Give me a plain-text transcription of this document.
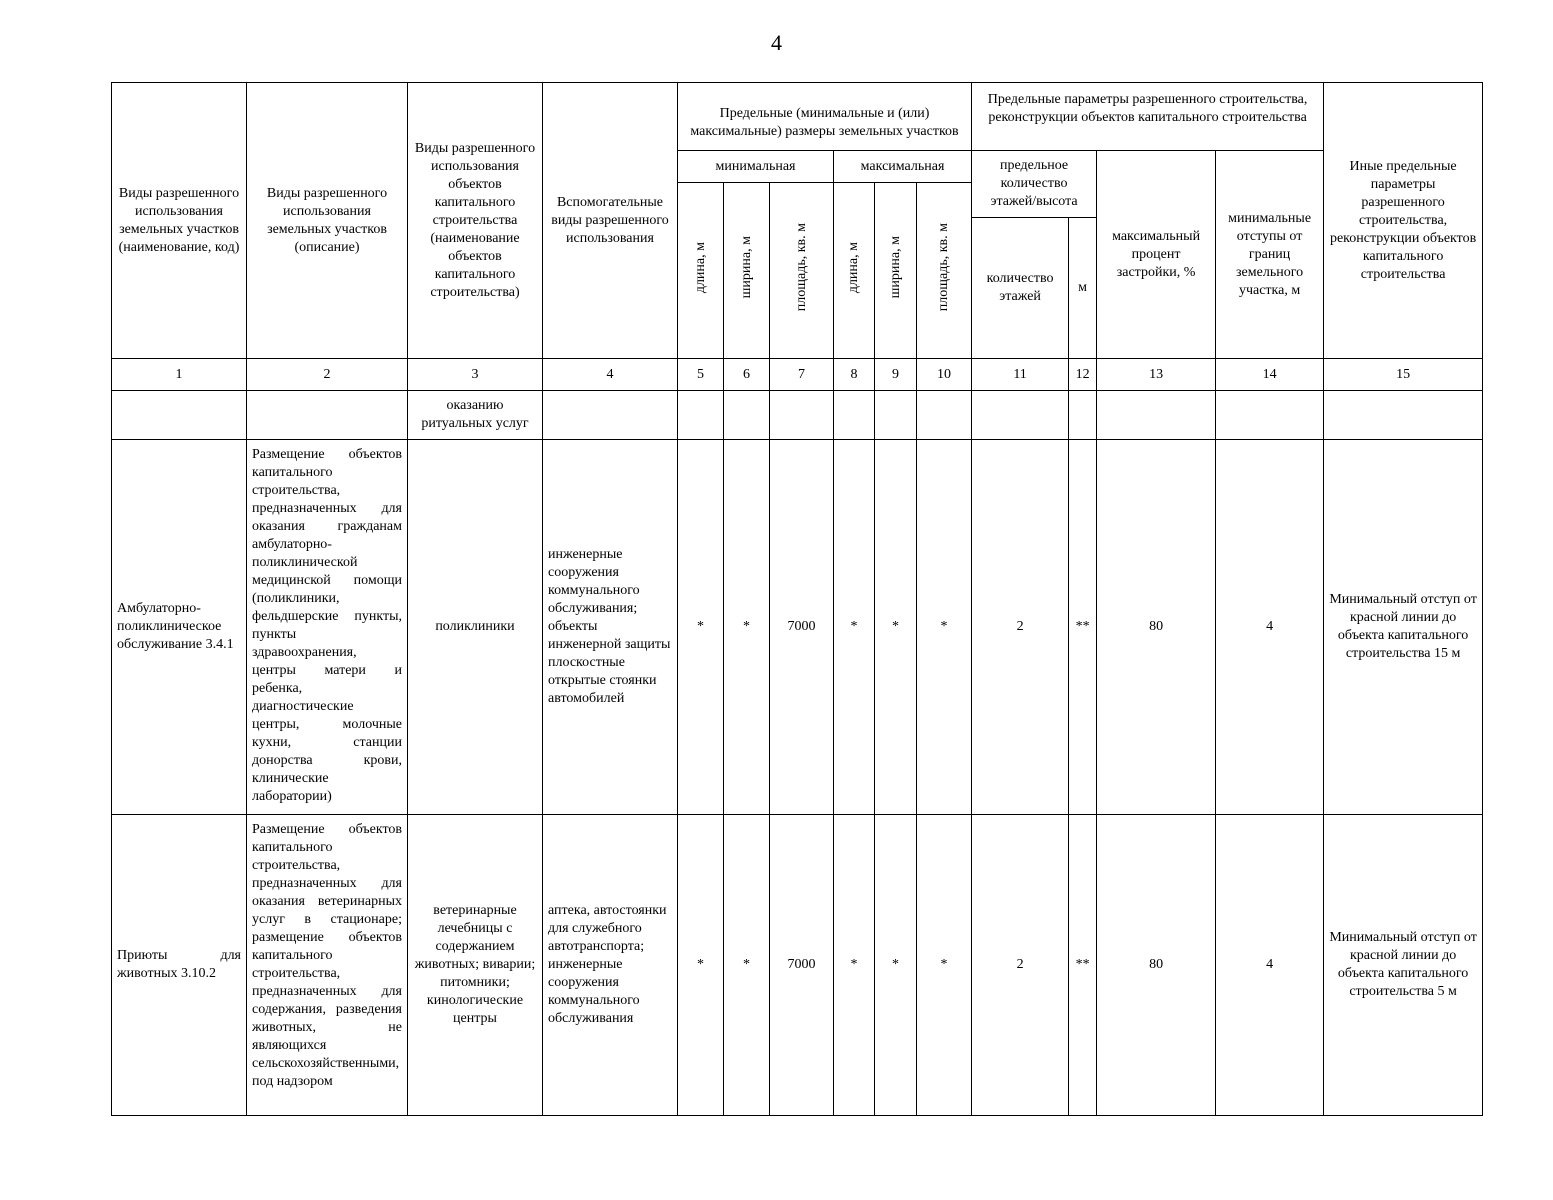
4
Виды разрешенного использования земельных участков (наименование, код)	Виды разрешенного использования земельных участков (описание)	Виды разрешенного использования объектов капитального строительства (наименование объектов капитального строительства)	Вспомогательные виды разрешенного использования	Предельные (минимальные и (или) максимальные) размеры земельных участков						Предельные параметры разрешенного строительства, реконструкции объектов капитального строительства				Иные предельные параметры разрешенного строительства, реконструкции объектов капитального строительства
				минимальная			максимальная			предельное количество этажей/высота		максимальный процент застройки, %	минимальные отступы от границ земельного участка, м	
				длина, м	ширина, м	площадь, кв. м	длина, м	ширина, м	площадь, кв. м					
										количество этажей	м			
1	2	3	4	5	6	7	8	9	10	11	12	13	14	15
		оказанию ритуальных услуг												
Амбулаторно-поликлиническое обслуживание 3.4.1	Размещение объектов капитального строительства, предназначенных для оказания гражданам амбулаторно-поликлинической медицинской помощи (поликлиники, фельдшерские пункты, пункты здравоохранения, центры матери и ребенка, диагностические центры, молочные кухни, станции донорства крови, клинические лаборатории)	поликлиники	инженерные сооружения коммунального обслуживания; объекты инженерной защиты плоскостные открытые стоянки автомобилей	*	*	7000	*	*	*	2	**	80	4	Минимальный отступ от красной линии до объекта капитального строительства 15 м
Приюты для животных 3.10.2	Размещение объектов капитального строительства, предназначенных для оказания ветеринарных услуг в стационаре; размещение объектов капитального строительства, предназначенных для содержания, разведения животных, не являющихся сельскохозяйственными, под надзором	ветеринарные лечебницы с содержанием животных; виварии; питомники; кинологические центры	аптека, автостоянки для служебного автотранспорта; инженерные сооружения коммунального обслуживания	*	*	7000	*	*	*	2	**	80	4	Минимальный отступ от красной линии до объекта капитального строительства 5 м
